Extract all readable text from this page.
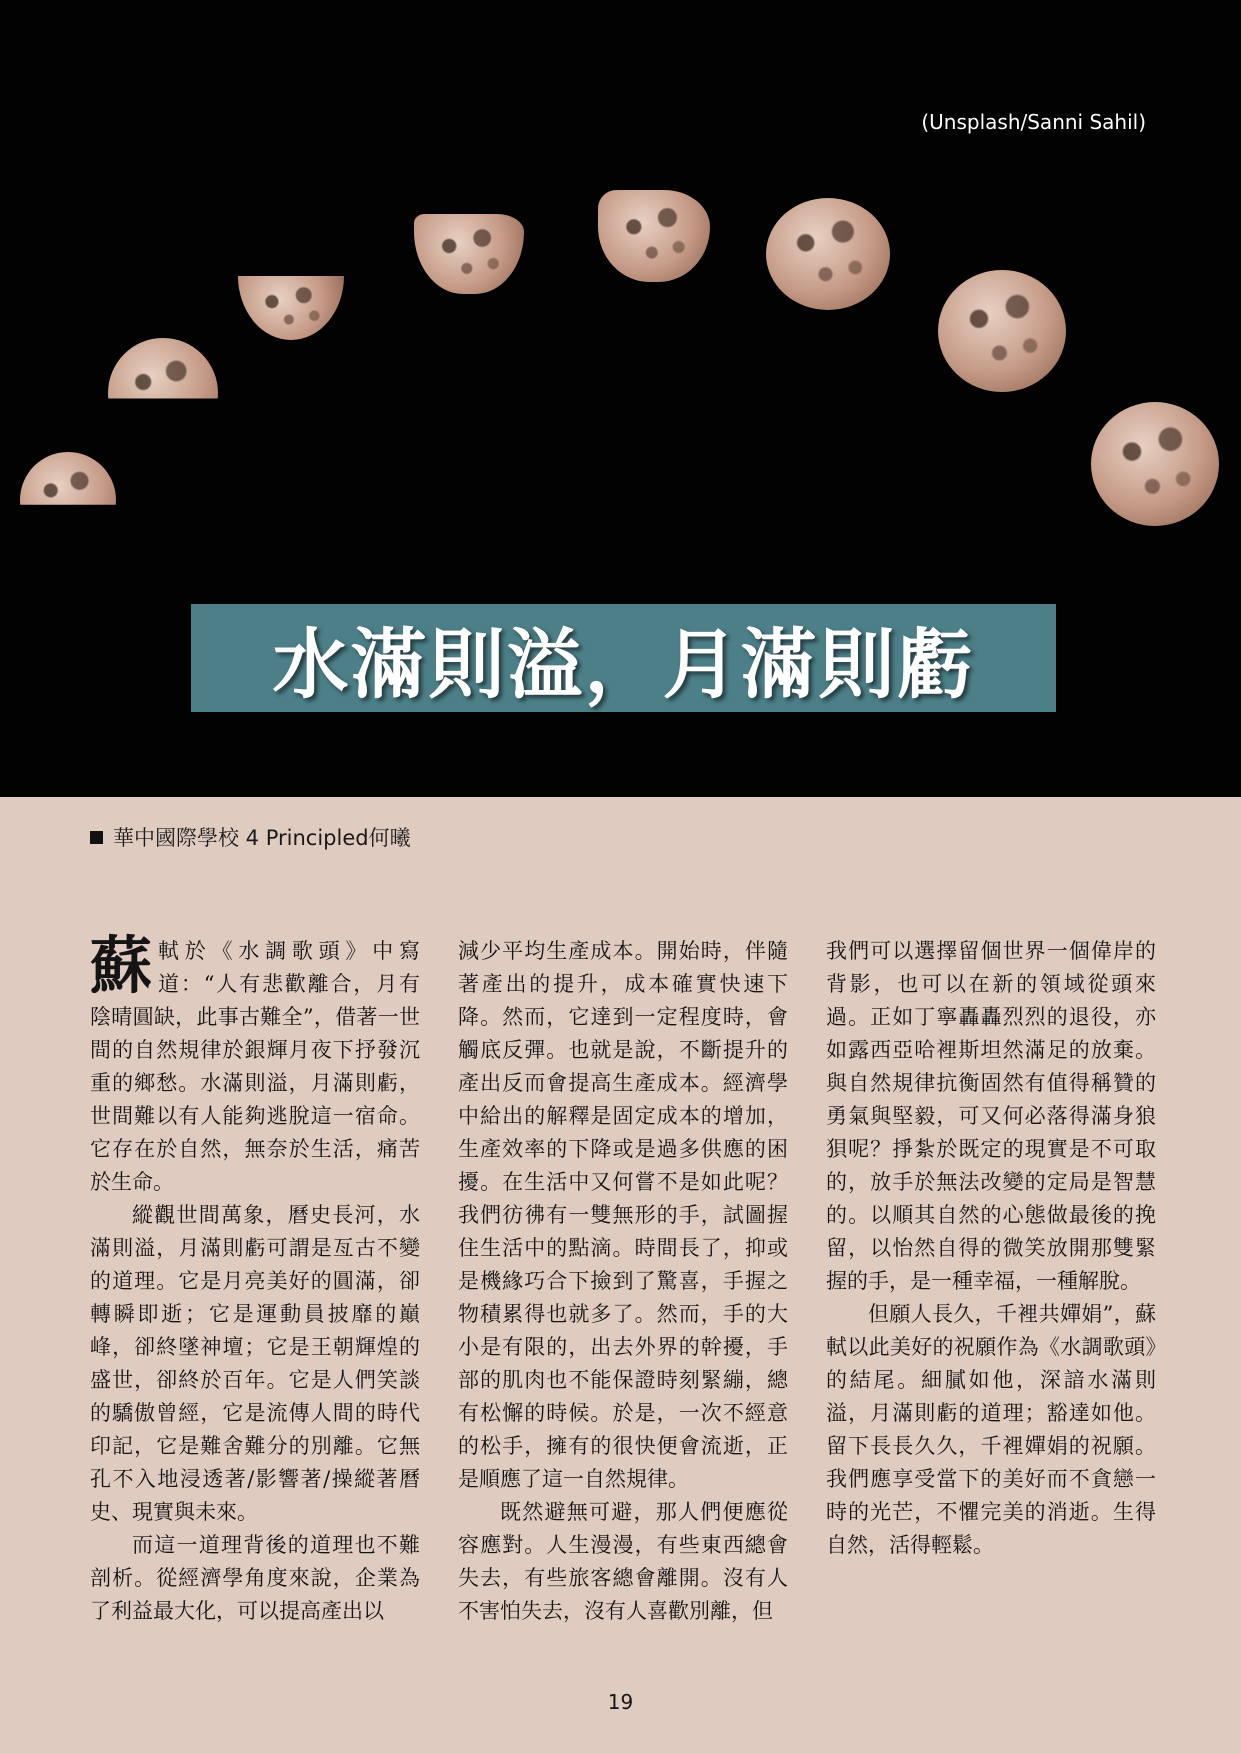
(Unsplash/Sanni Sahil)
水滿則溢，月滿則虧
華中國際學校 4 Principled何曦

蘇 軾於《水調歌頭》中寫道：“人有悲歡離合，月有陰晴圓缺，此事古難全”，借著一世間的自然規律於銀輝月夜下抒發沉重的鄉愁。水滿則溢，月滿則虧，世間難以有人能夠逃脫這一宿命。它存在於自然，無奈於生活，痛苦於生命。

縱觀世間萬象，曆史長河，水滿則溢，月滿則虧可謂是亙古不變的道理。它是月亮美好的圓滿，卻轉瞬即逝；它是運動員披靡的巔峰，卻終墜神壇；它是王朝輝煌的盛世，卻終於百年。它是人們笑談的驕傲曾經，它是流傳人間的時代印記，它是難舍難分的別離。它無孔不入地浸透著/影響著/操縱著曆史、現實與未來。

而這一道理背後的道理也不難剖析。從經濟學角度來說，企業為了利益最大化，可以提高產出以

減少平均生產成本。開始時，伴隨著產出的提升，成本確實快速下降。然而，它達到一定程度時，會觸底反彈。也就是說，不斷提升的產出反而會提高生產成本。經濟學中給出的解釋是固定成本的增加，生產效率的下降或是過多供應的困擾。在生活中又何嘗不是如此呢？我們彷彿有一雙無形的手，試圖握住生活中的點滴。時間長了，抑或是機緣巧合下撿到了驚喜，手握之物積累得也就多了。然而，手的大小是有限的，出去外界的幹擾，手部的肌肉也不能保證時刻緊繃，總有松懈的時候。於是，一次不經意的松手，擁有的很快便會流逝，正是順應了這一自然規律。

既然避無可避，那人們便應從容應對。人生漫漫，有些東西總會失去，有些旅客總會離開。沒有人不害怕失去，沒有人喜歡別離，但

我們可以選擇留個世界一個偉岸的背影，也可以在新的領域從頭來過。正如丁寧轟轟烈烈的退役，亦如露西亞哈裡斯坦然滿足的放棄。與自然規律抗衡固然有值得稱贊的勇氣與堅毅，可又何必落得滿身狼狽呢？掙紮於既定的現實是不可取的，放手於無法改變的定局是智慧的。以順其自然的心態做最後的挽留，以怡然自得的微笑放開那雙緊握的手，是一種幸福，一種解脫。

但願人長久，千裡共嬋娟”，蘇軾以此美好的祝願作為《水調歌頭》的結尾。細膩如他，深諳水滿則溢，月滿則虧的道理；豁達如他。留下長長久久，千裡嬋娟的祝願。我們應享受當下的美好而不貪戀一時的光芒，不懼完美的消逝。生得自然，活得輕鬆。

19
